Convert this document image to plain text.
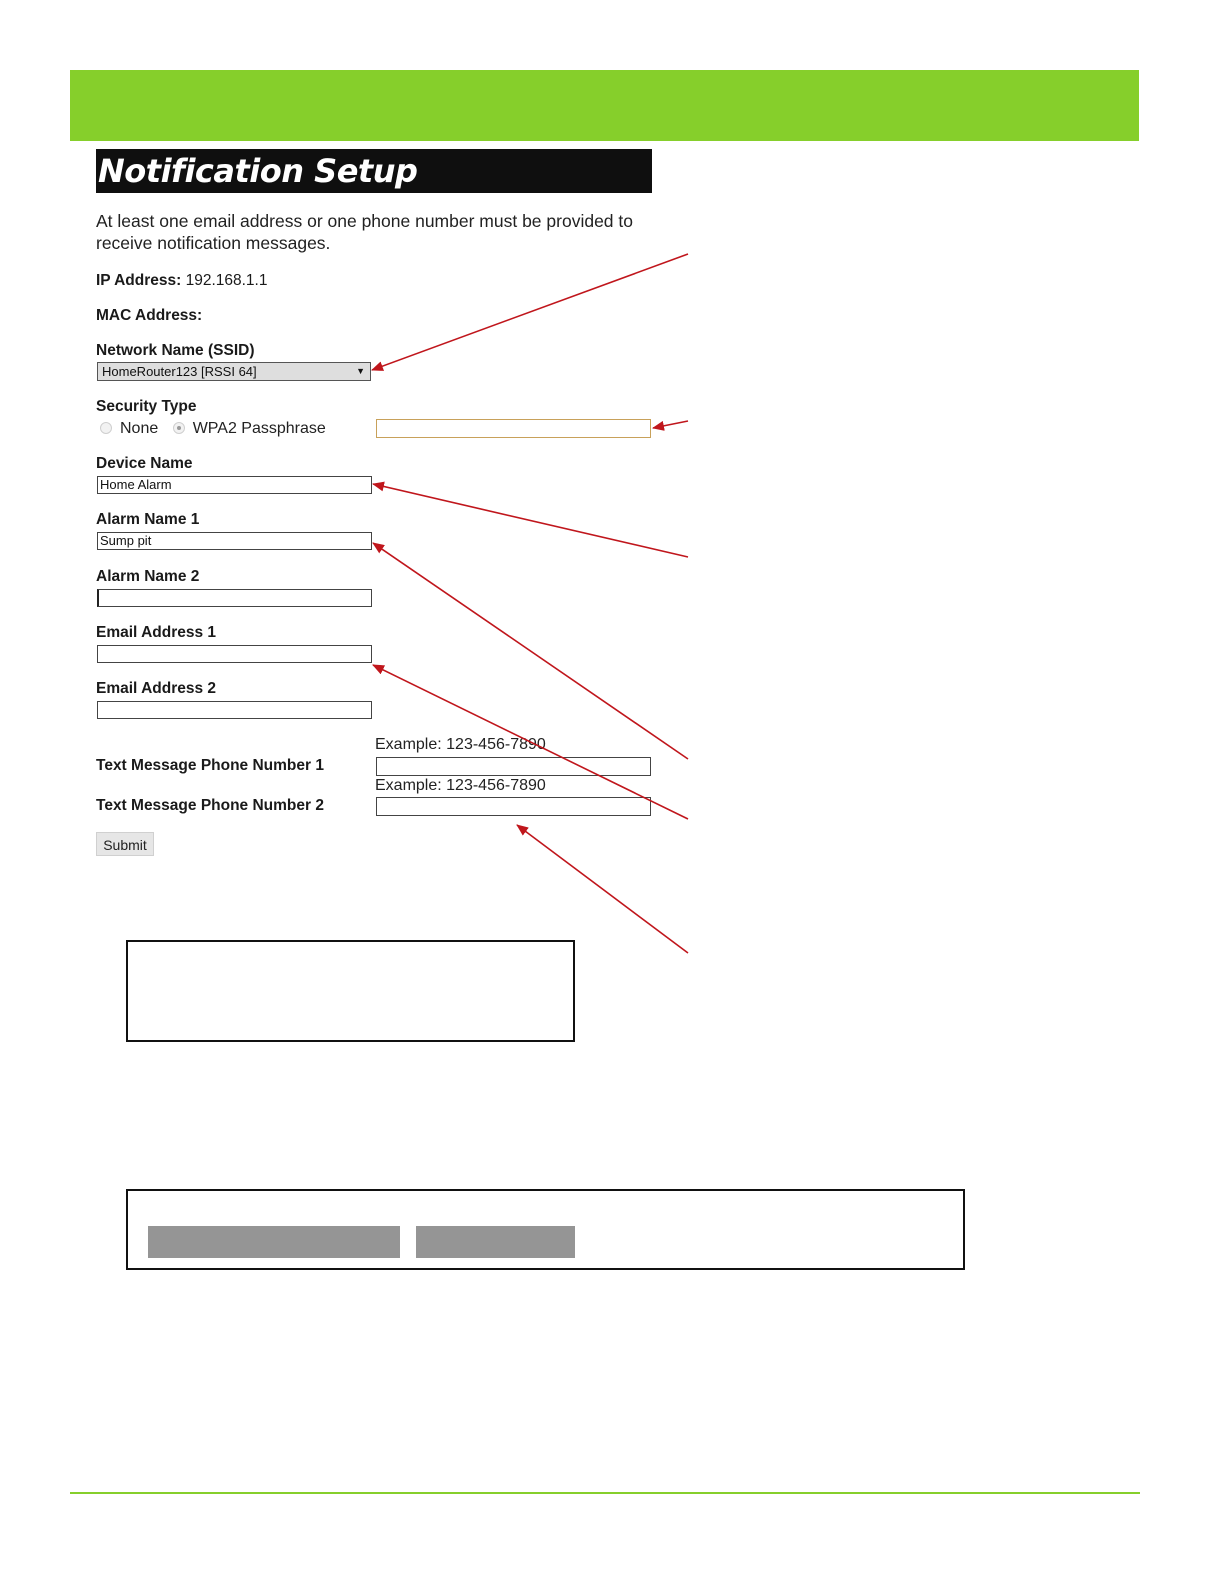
Notification Setup
At least one email address or one phone number must be provided to receive notification messages.
IP Address: 192.168.1.1
MAC Address:
Network Name (SSID)
HomeRouter123 [RSSI 64]	▼
Security Type
None WPA2 Passphrase
Device Name
Home Alarm
Alarm Name 1
Sump pit
Alarm Name 2
Email Address 1
Email Address 2
Example: 123-456-7890
Text Message Phone Number 1
Example: 123-456-7890
Text Message Phone Number 2
Submit
